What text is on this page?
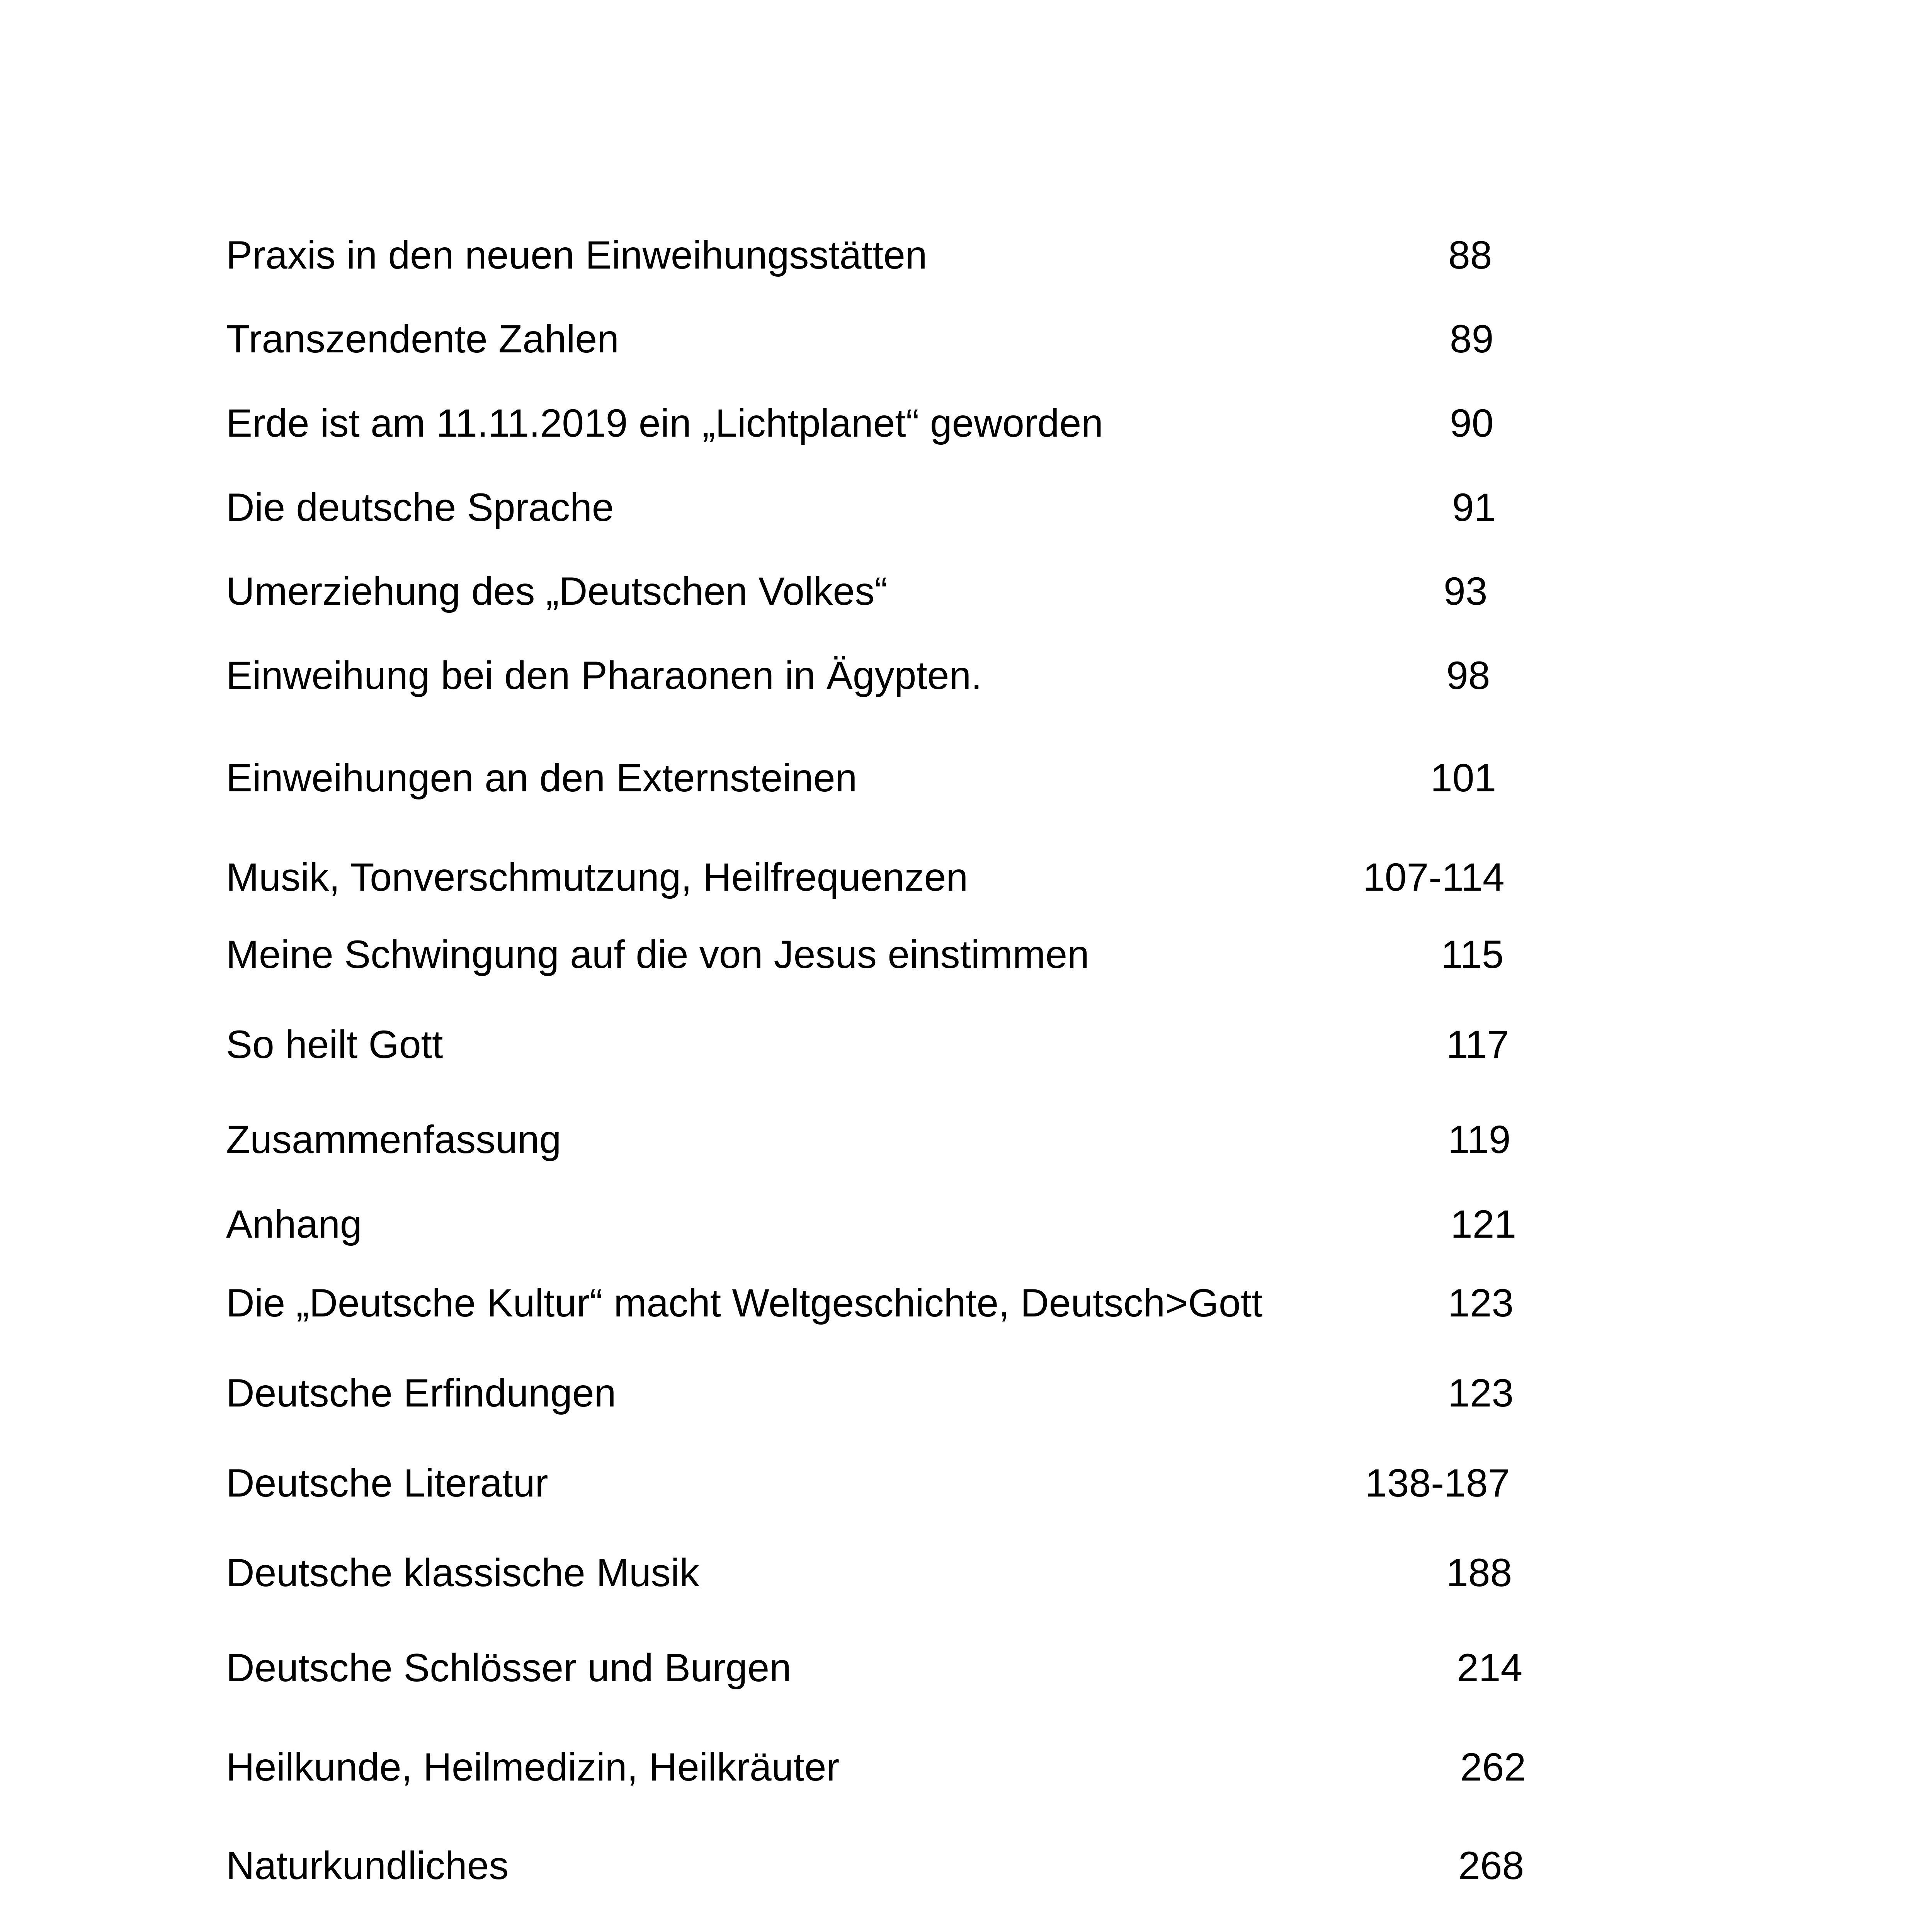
Praxis in den neuen Einweihungsstätten	88
Transzendente Zahlen	89
Erde ist am 11.11.2019 ein „Lichtplanet“ geworden	90
Die deutsche Sprache	91
Umerziehung des „Deutschen Volkes“	93
Einweihung bei den Pharaonen in Ägypten.	98
Einweihungen an den Externsteinen	101
Musik, Tonverschmutzung, Heilfrequenzen	107-114
Meine Schwingung auf die von Jesus einstimmen	115
So heilt Gott	117
Zusammenfassung	119
Anhang	121
Die „Deutsche Kultur“ macht Weltgeschichte, Deutsch>Gott	123
Deutsche Erfindungen	123
Deutsche Literatur	138-187
Deutsche klassische Musik	188
Deutsche Schlösser und Burgen	214
Heilkunde, Heilmedizin, Heilkräuter	262
Naturkundliches	268
